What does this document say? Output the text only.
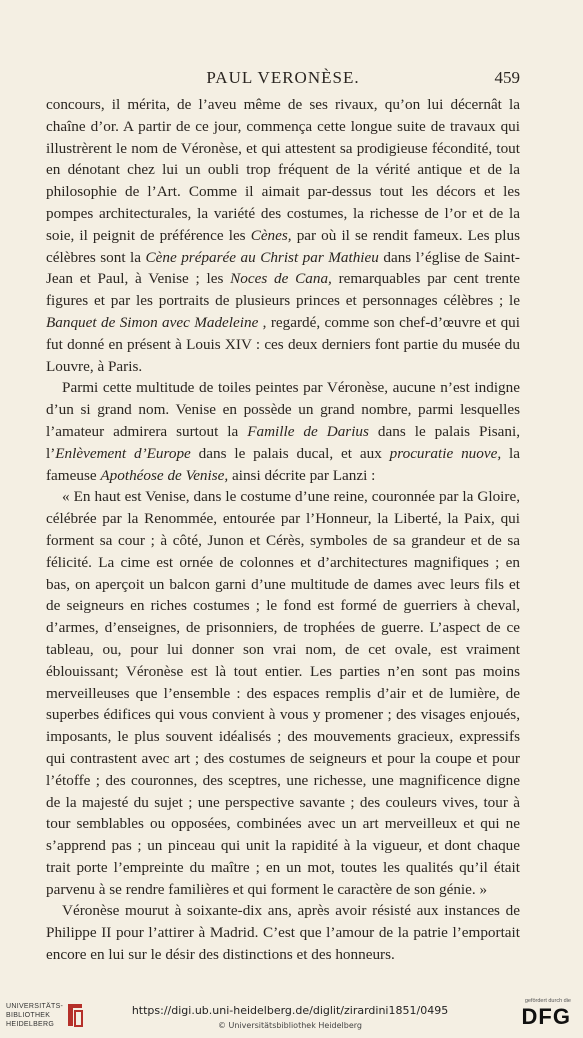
PAUL VERONÈSE.	459

concours, il mérita, de l’aveu même de ses rivaux, qu’on lui décernât la chaîne d’or. A partir de ce jour, commença cette longue suite de travaux qui illustrèrent le nom de Véronèse, et qui attestent sa prodigieuse fécondité, tout en dénotant chez lui un oubli trop fréquent de la vérité antique et de la philosophie de l’Art. Comme il aimait par-dessus tout les décors et les pompes architecturales, la variété des costumes, la richesse de l’or et de la soie, il peignit de préférence les Cènes, par où il se rendit fameux. Les plus célèbres sont la Cène préparée au Christ par Mathieu dans l’église de Saint-Jean et Paul, à Venise ; les Noces de Cana, remarquables par cent trente figures et par les portraits de plusieurs princes et personnages célèbres ; le Banquet de Simon avec Madeleine , regardé, comme son chef-d’œuvre et qui fut donné en présent à Louis XIV : ces deux derniers font partie du musée du Louvre, à Paris.

Parmi cette multitude de toiles peintes par Véronèse, aucune n’est indigne d’un si grand nom. Venise en possède un grand nombre, parmi lesquelles l’amateur admirera surtout la Famille de Darius dans le palais Pisani, l’Enlèvement d’Europe dans le palais ducal, et aux procuratie nuove, la fameuse Apothéose de Venise, ainsi décrite par Lanzi :

« En haut est Venise, dans le costume d’une reine, couronnée par la Gloire, célébrée par la Renommée, entourée par l’Honneur, la Liberté, la Paix, qui forment sa cour ; à côté, Junon et Cérès, symboles de sa grandeur et de sa félicité. La cime est ornée de colonnes et d’architectures magnifiques ; en bas, on aperçoit un balcon garni d’une multitude de dames avec leurs fils et de seigneurs en riches costumes ; le fond est formé de guerriers à cheval, d’armes, d’enseignes, de prisonniers, de trophées de guerre. L’aspect de ce tableau, ou, pour lui donner son vrai nom, de cet ovale, est vraiment éblouissant; Véronèse est là tout entier. Les parties n’en sont pas moins merveilleuses que l’ensemble : des espaces remplis d’air et de lumière, de superbes édifices qui vous convient à vous y promener ; des visages enjoués, imposants, le plus souvent idéalisés ; des mouvements gracieux, expressifs qui contrastent avec art ; des costumes de seigneurs et pour la coupe et pour l’étoffe ; des couronnes, des sceptres, une richesse, une magnificence digne de la majesté du sujet ; une perspective savante ; des couleurs vives, tour à tour semblables ou opposées, combinées avec un art merveilleux et qui ne s’apprend pas ; un pinceau qui unit la rapidité à la vigueur, et dont chaque trait porte l’empreinte du maître ; en un mot, toutes les qualités qu’il était parvenu à se rendre familières et qui forment le caractère de son génie. »

Véronèse mourut à soixante-dix ans, après avoir résisté aux instances de Philippe II pour l’attirer à Madrid. C’est que l’amour de la patrie l’emportait encore en lui sur le désir des distinctions et des honneurs.

UNIVERSITÄTS-
BIBLIOTHEK
HEIDELBERG
https://digi.ub.uni-heidelberg.de/diglit/zirardini1851/0495
© Universitätsbibliothek Heidelberg
gefördert durch die
DFG
